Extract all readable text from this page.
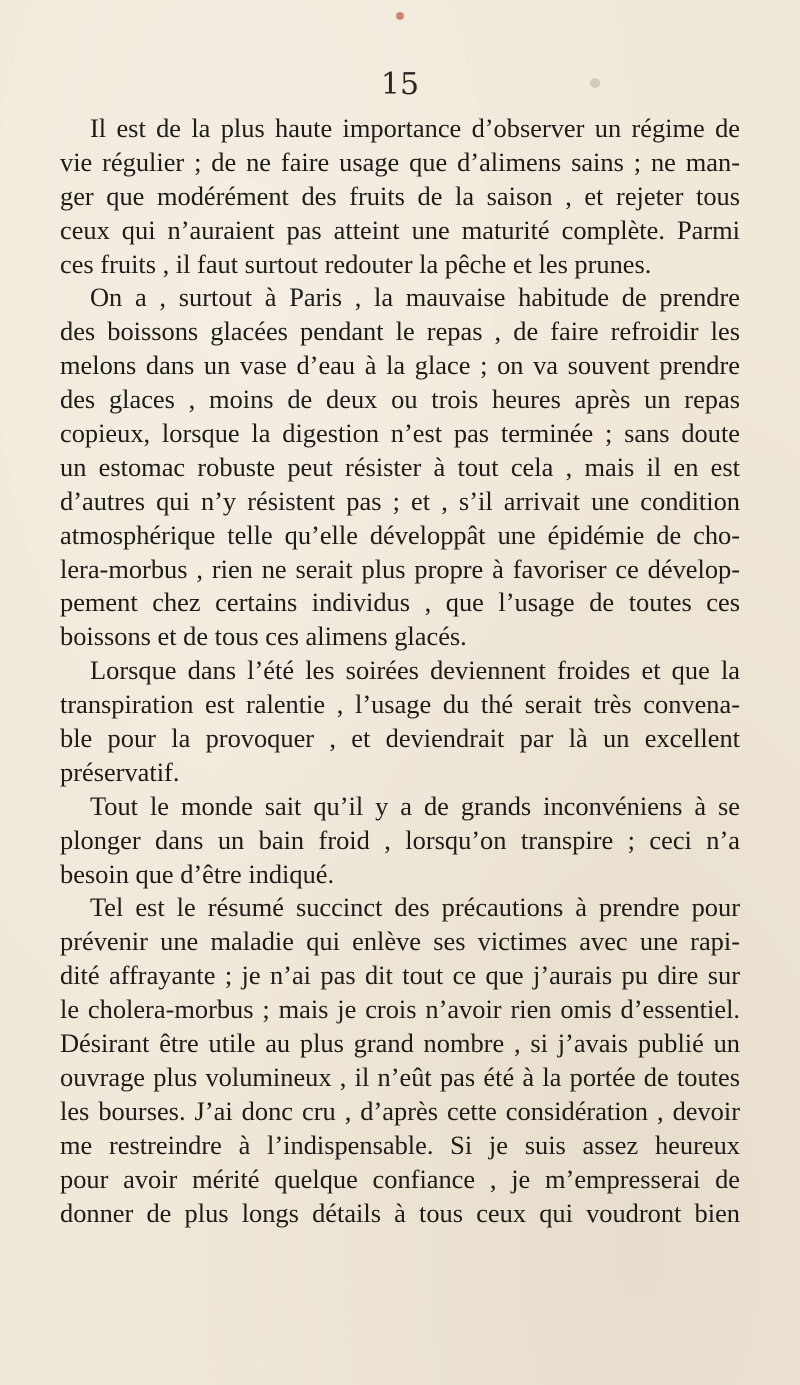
15
Il est de la plus haute importance d’observer un régime de
vie régulier ; de ne faire usage que d’alimens sains ; ne man-
ger que modérément des fruits de la saison , et rejeter tous
ceux qui n’auraient pas atteint une maturité complète. Parmi
ces fruits , il faut surtout redouter la pêche et les prunes.
On a , surtout à Paris , la mauvaise habitude de prendre
des boissons glacées pendant le repas , de faire refroidir les
melons dans un vase d’eau à la glace ; on va souvent prendre
des glaces , moins de deux ou trois heures après un repas
copieux, lorsque la digestion n’est pas terminée ; sans doute
un estomac robuste peut résister à tout cela , mais il en est
d’autres qui n’y résistent pas ; et , s’il arrivait une condition
atmosphérique telle qu’elle développât une épidémie de cho-
lera-morbus , rien ne serait plus propre à favoriser ce dévelop-
pement chez certains individus , que l’usage de toutes ces
boissons et de tous ces alimens glacés.
Lorsque dans l’été les soirées deviennent froides et que la
transpiration est ralentie , l’usage du thé serait très convena-
ble pour la provoquer , et deviendrait par là un excellent
préservatif.
Tout le monde sait qu’il y a de grands inconvéniens à se
plonger dans un bain froid , lorsqu’on transpire ; ceci n’a
besoin que d’être indiqué.
Tel est le résumé succinct des précautions à prendre pour
prévenir une maladie qui enlève ses victimes avec une rapi-
dité affrayante ; je n’ai pas dit tout ce que j’aurais pu dire sur
le cholera-morbus ; mais je crois n’avoir rien omis d’essentiel.
Désirant être utile au plus grand nombre , si j’avais publié un
ouvrage plus volumineux , il n’eût pas été à la portée de toutes
les bourses. J’ai donc cru , d’après cette considération , devoir
me restreindre à l’indispensable. Si je suis assez heureux
pour avoir mérité quelque confiance , je m’empresserai de
donner de plus longs détails à tous ceux qui voudront bien
